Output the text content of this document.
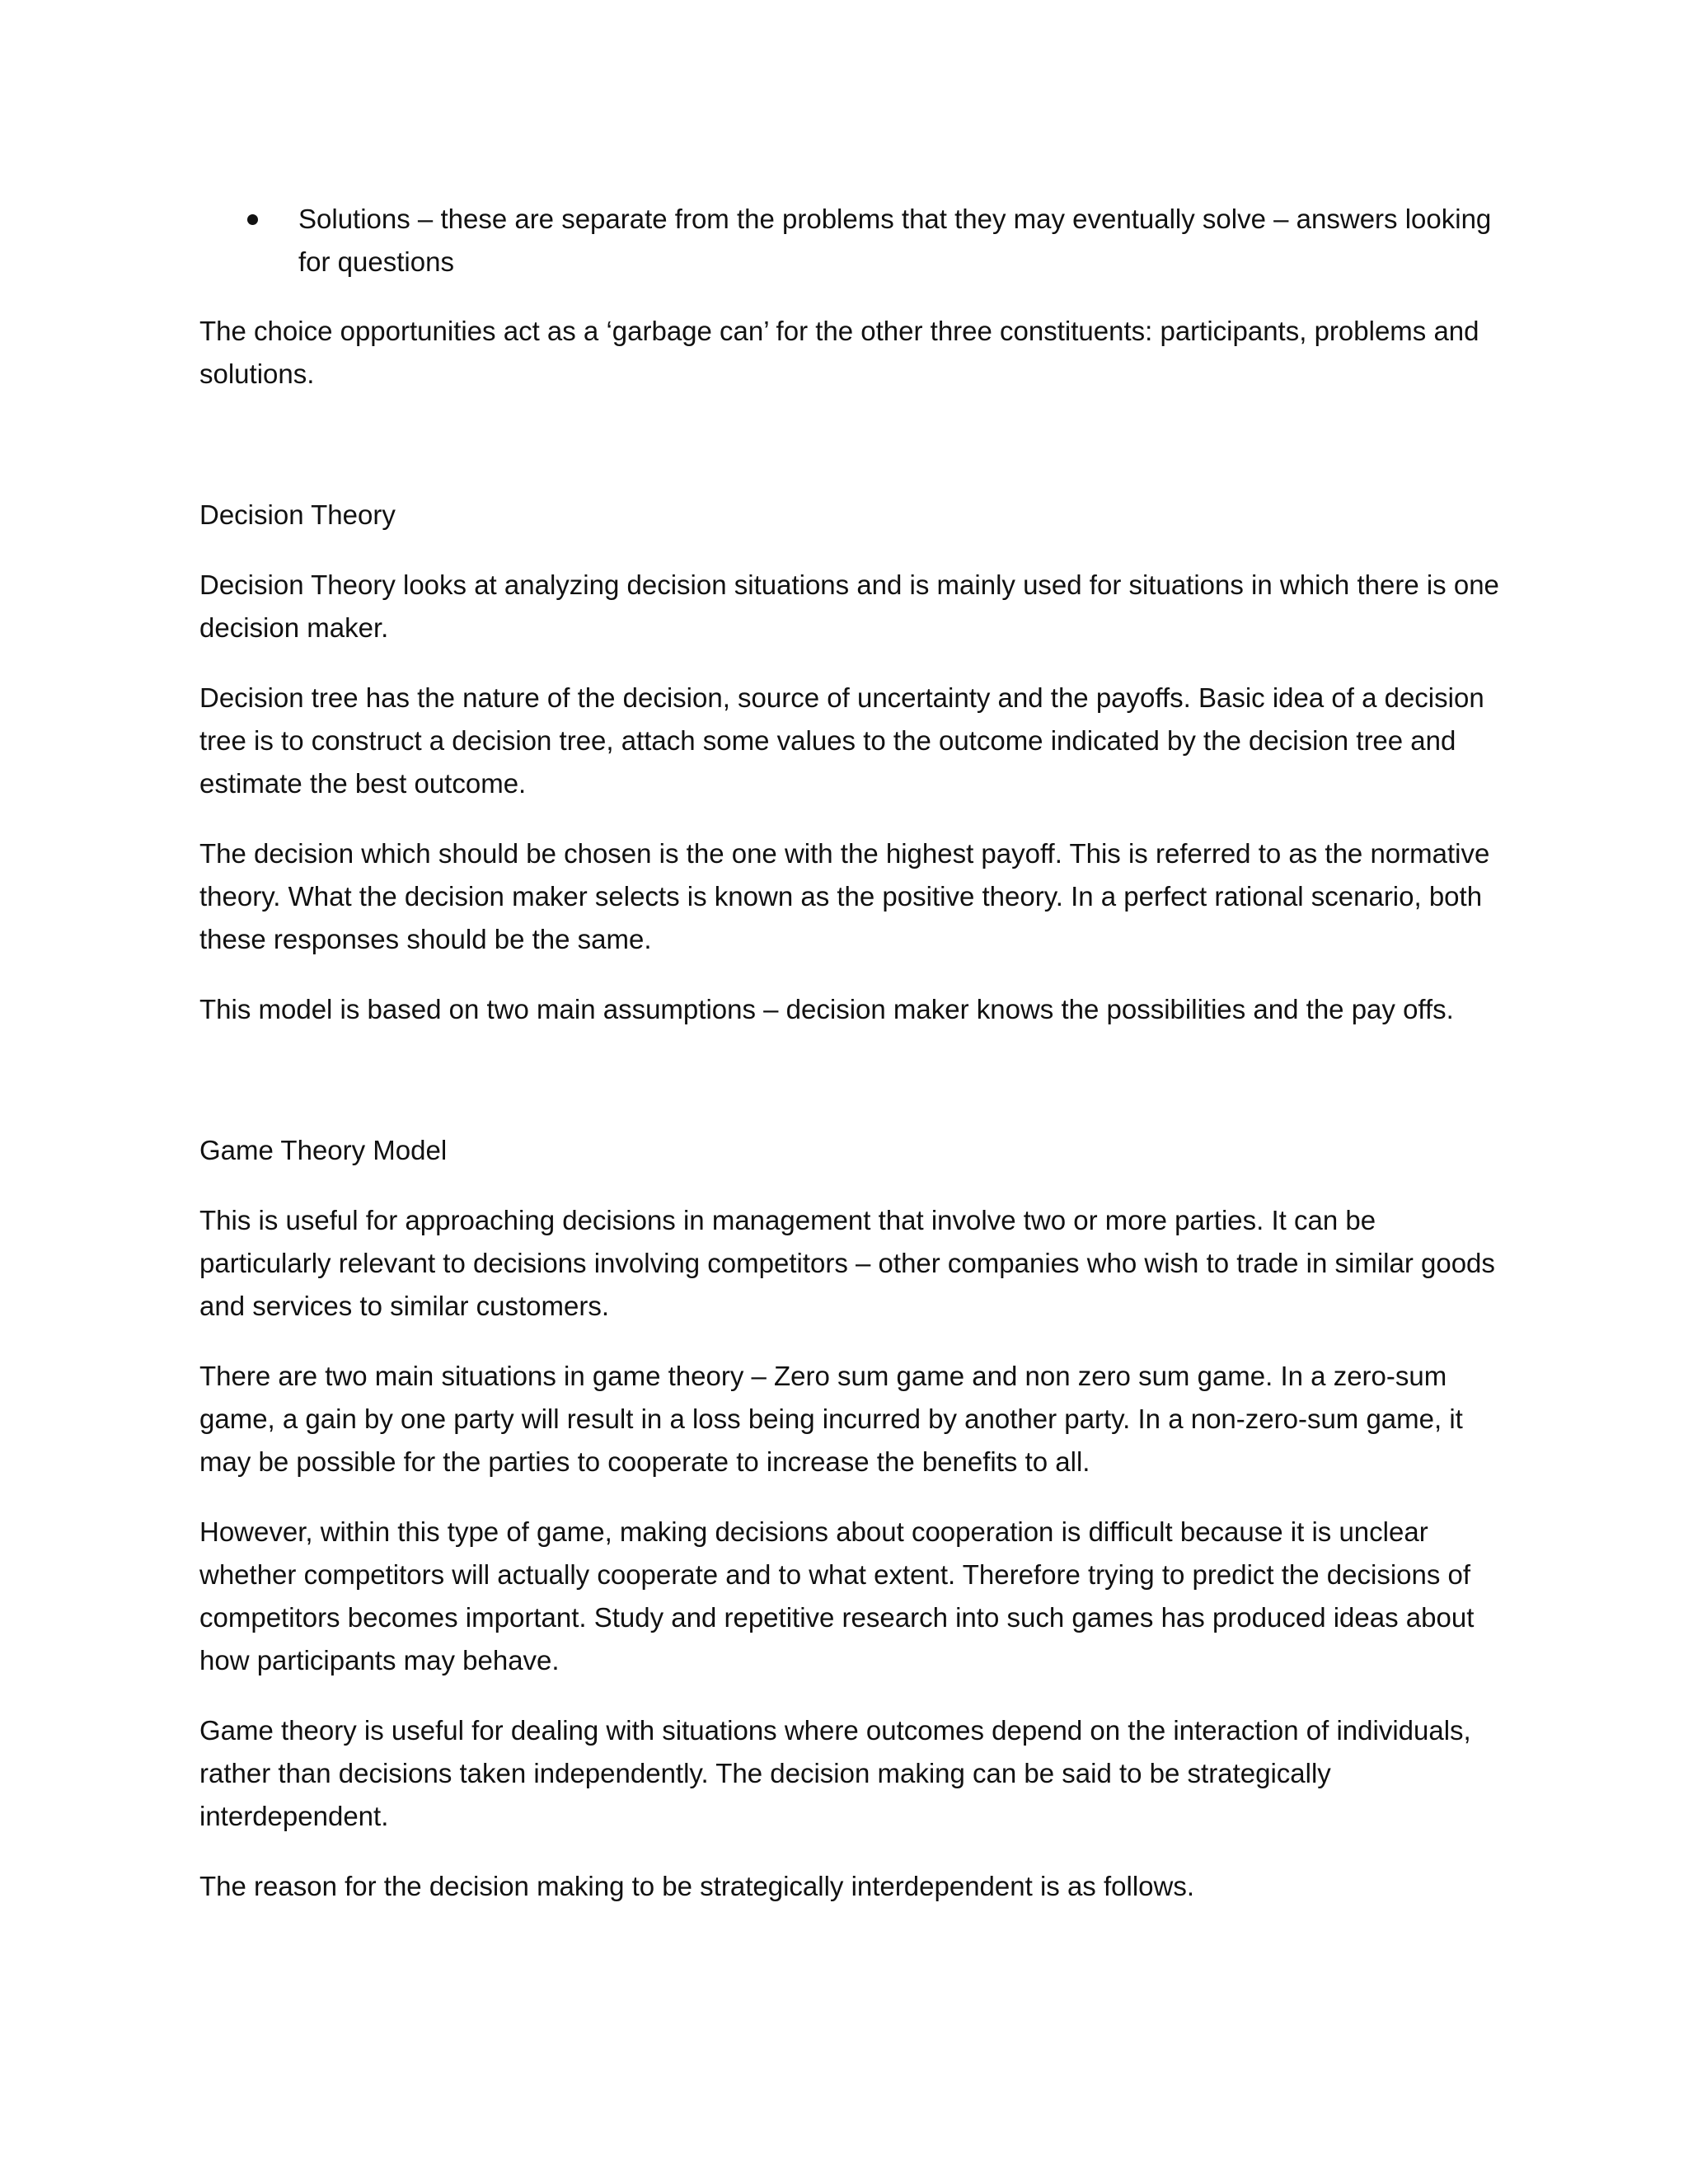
Solutions – these are separate from the problems that they may eventually solve – answers looking for questions

The choice opportunities act as a ‘garbage can’ for the other three constituents: participants, problems and solutions.

Decision Theory

Decision Theory looks at analyzing decision situations and is mainly used for situations in which there is one decision maker.

Decision tree has the nature of the decision, source of uncertainty and the payoffs. Basic idea of a decision tree is to construct a decision tree, attach some values to the outcome indicated by the decision tree and estimate the best outcome.

The decision which should be chosen is the one with the highest payoff. This is referred to as the normative theory. What the decision maker selects is known as the positive theory. In a perfect rational scenario, both these responses should be the same.

This model is based on two main assumptions – decision maker knows the possibilities and the pay offs.

Game Theory Model

This is useful for approaching decisions in management that involve two or more parties. It can be particularly relevant to decisions involving competitors – other companies who wish to trade in similar goods and services to similar customers.

There are two main situations in game theory – Zero sum game and non zero sum game. In a zero-sum game, a gain by one party will result in a loss being incurred by another party. In a non-zero-sum game, it may be possible for the parties to cooperate to increase the benefits to all.

However, within this type of game, making decisions about cooperation is difficult because it is unclear whether competitors will actually cooperate and to what extent. Therefore trying to predict the decisions of competitors becomes important. Study and repetitive research into such games has produced ideas about how participants may behave.

Game theory is useful for dealing with situations where outcomes depend on the interaction of individuals, rather than decisions taken independently. The decision making can be said to be strategically interdependent.

The reason for the decision making to be strategically interdependent is as follows.
